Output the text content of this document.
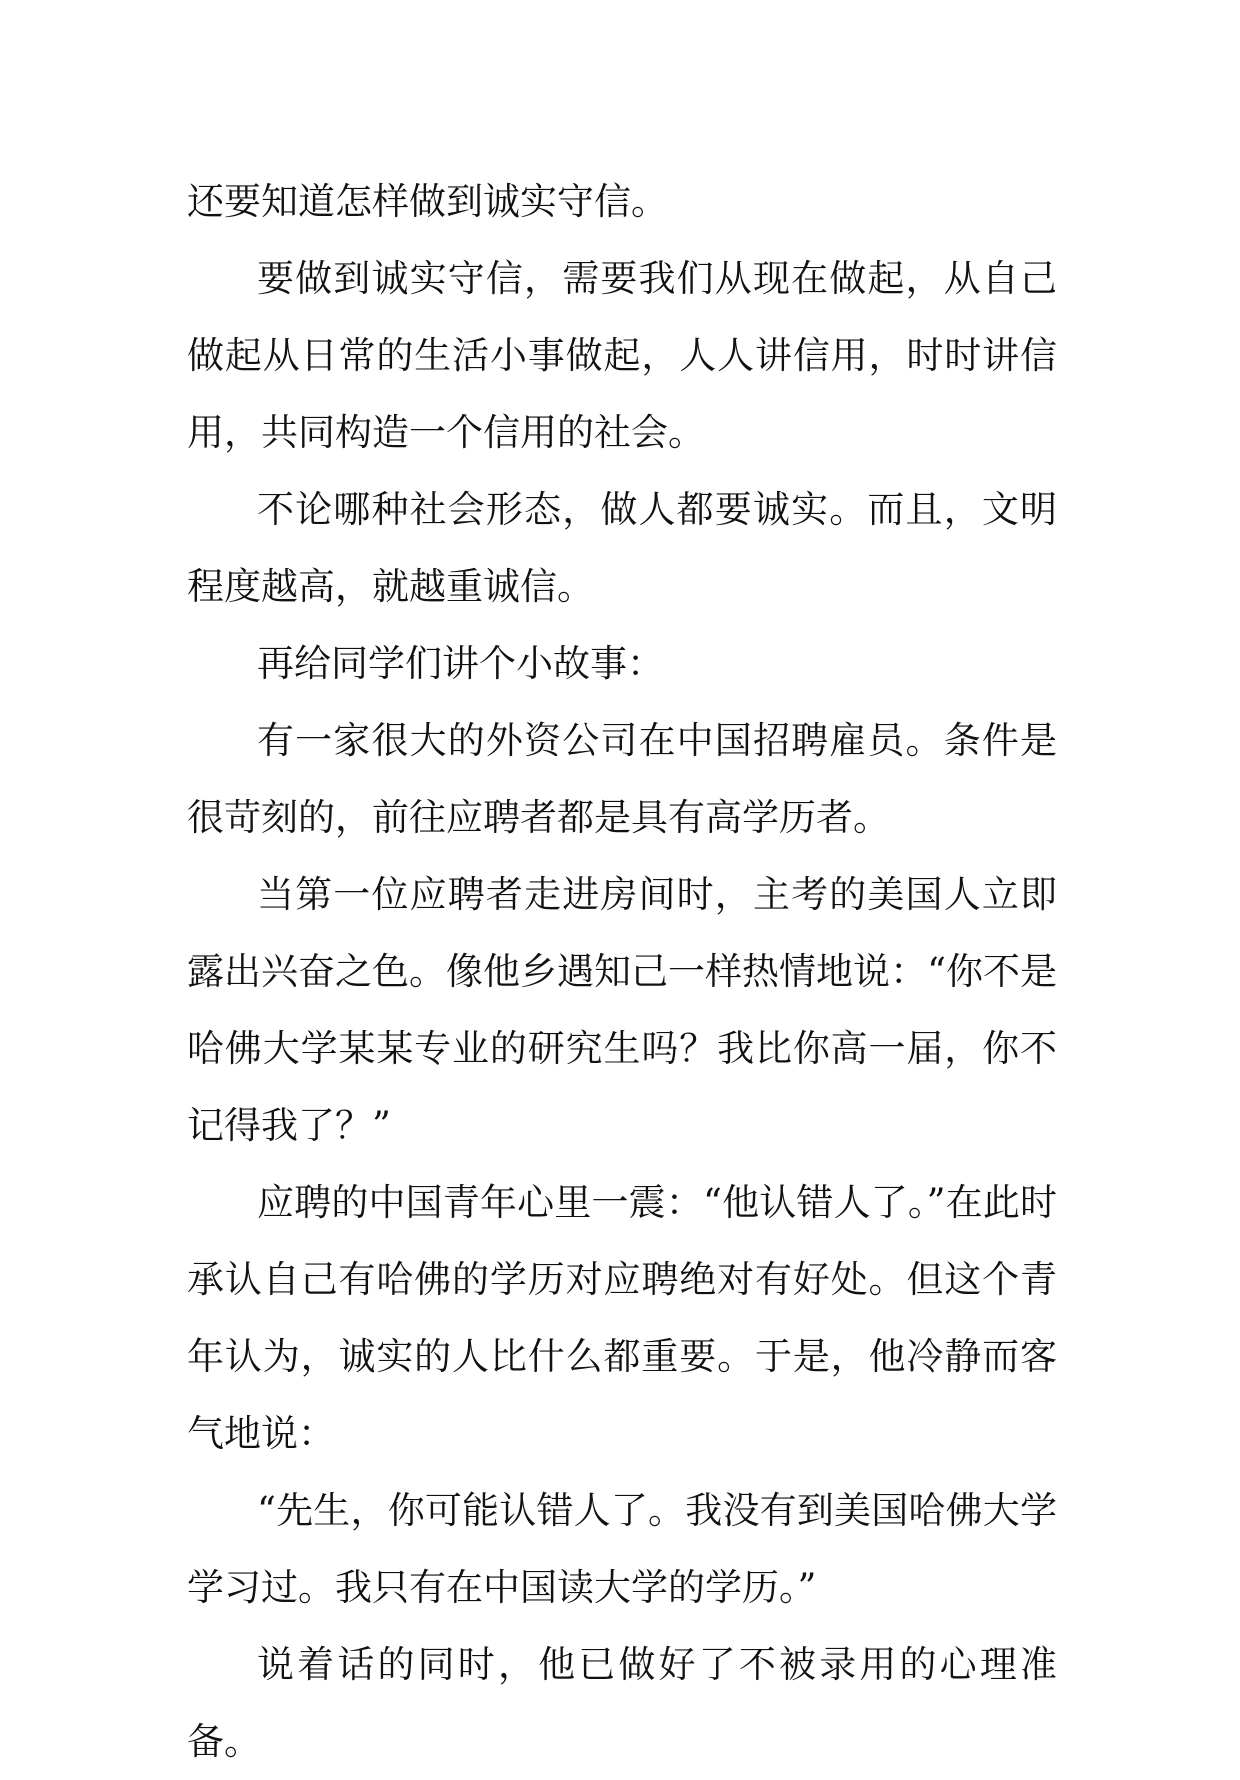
还要知道怎样做到诚实守信。

要做到诚实守信，需要我们从现在做起，从自己做起从日常的生活小事做起，人人讲信用，时时讲信用，共同构造一个信用的社会。

不论哪种社会形态，做人都要诚实。而且，文明程度越高，就越重诚信。

再给同学们讲个小故事：

有一家很大的外资公司在中国招聘雇员。条件是很苛刻的，前往应聘者都是具有高学历者。

当第一位应聘者走进房间时，主考的美国人立即露出兴奋之色。像他乡遇知己一样热情地说：“你不是哈佛大学某某专业的研究生吗？我比你高一届，你不记得我了？”

应聘的中国青年心里一震：“他认错人了。”在此时承认自己有哈佛的学历对应聘绝对有好处。但这个青年认为，诚实的人比什么都重要。于是，他冷静而客气地说：

“先生，你可能认错人了。我没有到美国哈佛大学学习过。我只有在中国读大学的学历。”

说着话的同时，他已做好了不被录用的心理准备。
